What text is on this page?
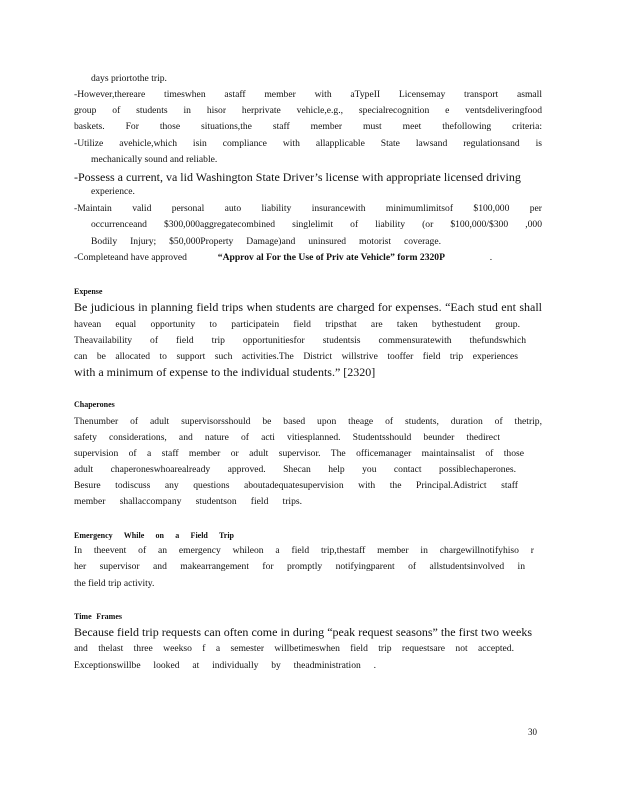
days priortothe trip.
-However,thereare timeswhen astaff member with aTypeII Licensemay transport asmall
group of students in hisor herprivate vehicle,e.g., specialrecognition e ventsdeliveringfood
baskets. For those situations,the staff member must meet thefollowing criteria:
-Utilize avehicle,which isin compliance with allapplicable State lawsand regulationsand is
mechanically sound and reliable.
-Possess a current, va lid Washington State Driver’s license with appropriate licensed driving
experience.
-Maintain valid personal auto liability insurancewith minimumlimitsof $100,000 per
occurrenceand $300,000aggregatecombined singlelimit of liability (or $100,000/$300 ,000
Bodily Injury; $50,000Property Damage)and uninsured motorist coverage.
-Completeand have approved	“Approv al For the Use of Priv ate Vehicle” form 2320P	.
Expense
Be judicious in planning field trips when students are charged for expenses. “Each stud ent shall
havean equal opportunity to participatein field tripsthat are taken bythestudent group.
Theavailability of field trip opportunitiesfor studentsis commensuratewith thefundswhich
can be allocated to support such activities.The District willstrive tooffer field trip experiences
with a minimum of expense to the individual students.” [2320]
Chaperones
Thenumber of adult supervisorsshould be based upon theage of students, duration of thetrip,
safety considerations, and nature of acti vitiesplanned. Studentsshould beunder thedirect
supervision of a staff member or adult supervisor. The officemanager maintainsalist of those
adult chaperoneswhoarealready approved. Shecan help you contact possiblechaperones.
Besure todiscuss any questions aboutadequatesupervision with the Principal.Adistrict staff
member shallaccompany studentson field trips.
Emergency While on a Field Trip
In theevent of an emergency whileon a field trip,thestaff member in chargewillnotifyhiso r
her supervisor and makearrangement for promptly notifyingparent of allstudentsinvolved in
the field trip activity.
Time Frames
Because field trip requests can often come in during “peak request seasons” the first two weeks
and thelast three weekso f a semester willbetimeswhen field trip requestsare not accepted.
Exceptionswillbe looked at individually by theadministration .
30
